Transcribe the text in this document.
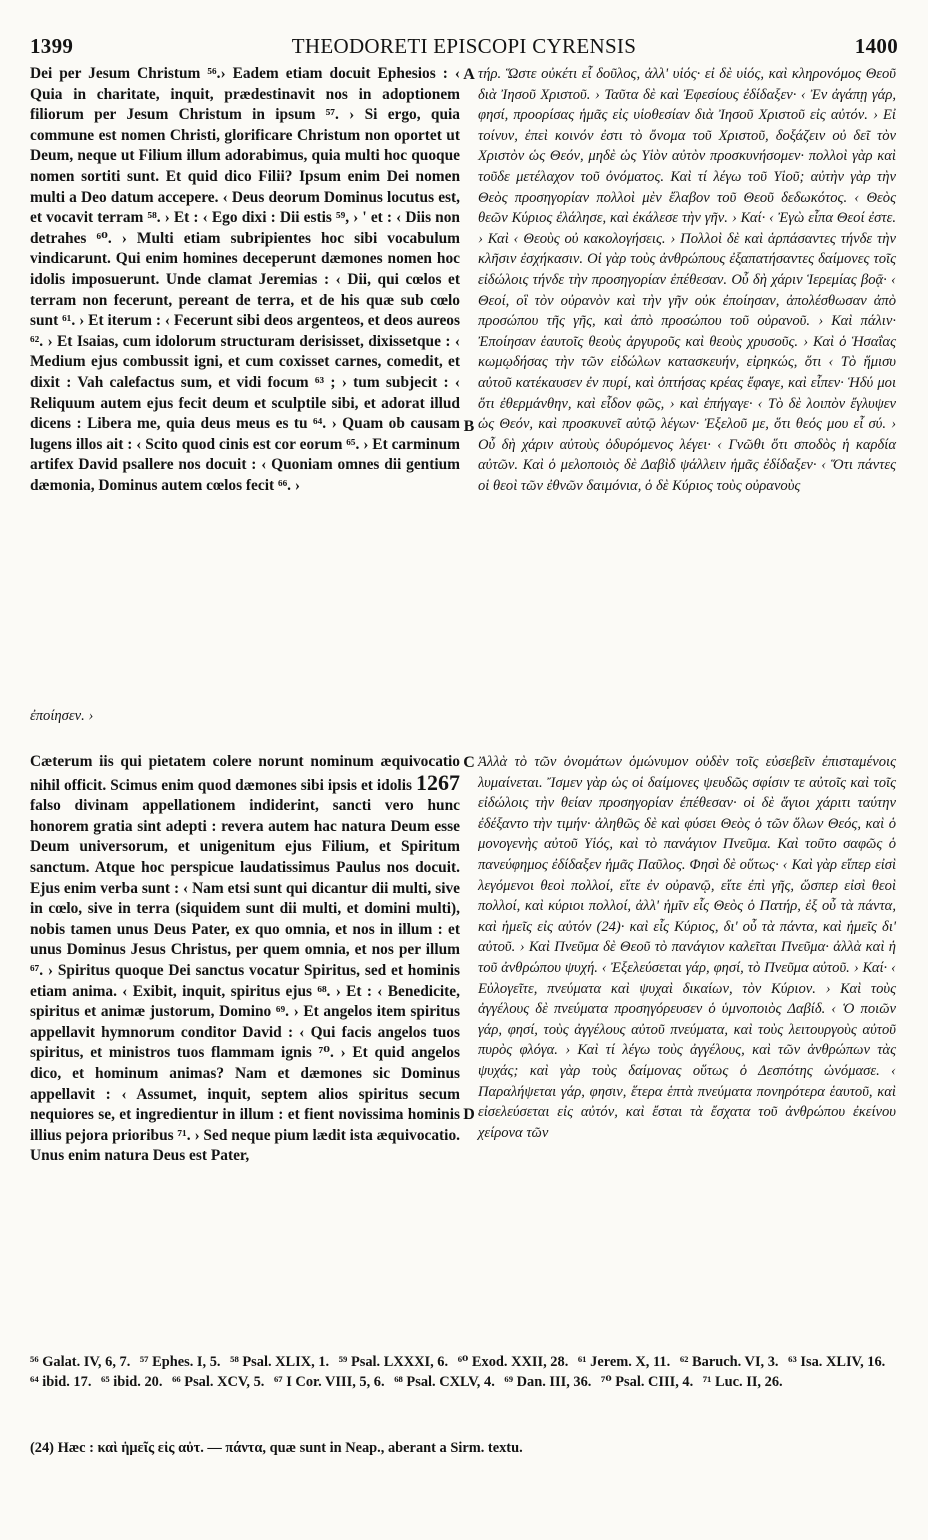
1399	THEODORETI EPISCOPI CYRENSIS	1400

Dei per Jesum Christum ⁵⁶.› Eadem etiam docuit Ephesios : ‹ Quia in charitate, inquit, prædestinavit nos in adoptionem filiorum per Jesum Christum in ipsum ⁵⁷. › Si ergo, quia commune est nomen Christi, glorificare Christum non oportet ut Deum, neque ut Filium illum adorabimus, quia multi hoc quoque nomen sortiti sunt. Et quid dico Filii? Ipsum enim Dei nomen multi a Deo datum accepere. ‹ Deus deorum Dominus locutus est, et vocavit terram ⁵⁸. › Et : ‹ Ego dixi : Dii estis ⁵⁹, › ' et : ‹ Diis non detrahes ⁶⁰. › Multi etiam subripientes hoc sibi vocabulum vindicarunt. Qui enim homines deceperunt dæmones nomen hoc idolis imposuerunt. Unde clamat Jeremias : ‹ Dii, qui cœlos et terram non fecerunt, pereant de terra, et de his quæ sub cœlo sunt ⁶¹. › Et iterum : ‹ Fecerunt sibi deos argenteos, et deos aureos ⁶². › Et Isaias, cum idolorum structuram derisisset, dixissetque : ‹ Medium ejus combussit igni, et cum coxisset carnes, comedit, et dixit : Vah calefactus sum, et vidi focum ⁶³ ; › tum subjecit : ‹ Reliquum autem ejus fecit deum et sculptile sibi, et adorat illud dicens : Libera me, quia deus meus es tu ⁶⁴. › Quam ob causam lugens illos ait : ‹ Scito quod cinis est cor eorum ⁶⁵. › Et carminum artifex David psallere nos docuit : ‹ Quoniam omnes dii gentium dæmonia, Dominus autem cœlos fecit ⁶⁶. ›

τήρ. Ὥστε οὐκέτι εἶ δοῦλος, ἀλλ' υἱός· εἰ δὲ υἱός, καὶ κληρονόμος Θεοῦ διὰ Ἰησοῦ Χριστοῦ. › Ταῦτα δὲ καὶ Ἐφεσίους ἐδίδαξεν· ‹ Ἐν ἀγάπῃ γάρ, φησί, προορίσας ἡμᾶς εἰς υἱοθεσίαν διὰ Ἰησοῦ Χριστοῦ εἰς αὐτόν. › Εἰ τοίνυν, ἐπεὶ κοινόν ἐστι τὸ ὄνομα τοῦ Χριστοῦ, δοξάζειν οὐ δεῖ τὸν Χριστὸν ὡς Θεόν, μηδὲ ὡς Υἱὸν αὐτὸν προσκυνήσομεν· πολλοὶ γὰρ καὶ τοῦδε μετέλαχον τοῦ ὀνόματος. Καὶ τί λέγω τοῦ Υἱοῦ; αὐτὴν γὰρ τὴν Θεὸς προσηγορίαν πολλοὶ μὲν ἔλαβον τοῦ Θεοῦ δεδωκότος. ‹ Θεὸς θεῶν Κύριος ἐλάλησε, καὶ ἐκάλεσε τὴν γῆν. › Καί· ‹ Ἐγὼ εἶπα Θεοί ἐστε. › Καὶ ‹ Θεοὺς οὐ κακολογήσεις. › Πολλοὶ δὲ καὶ ἁρπάσαντες τήνδε τὴν κλῆσιν ἐσχήκασιν. Οἱ γὰρ τοὺς ἀνθρώπους ἐξαπατήσαντες δαίμονες τοῖς εἰδώλοις τήνδε τὴν προσηγορίαν ἐπέθεσαν. Οὗ δὴ χάριν Ἱερεμίας βοᾷ· ‹ Θεοί, οἳ τὸν οὐρανὸν καὶ τὴν γῆν οὐκ ἐποίησαν, ἀπολέσθωσαν ἀπὸ προσώπου τῆς γῆς, καὶ ἀπὸ προσώπου τοῦ οὐρανοῦ. › Καὶ πάλιν· Ἐποίησαν ἑαυτοῖς θεοὺς ἀργυροῦς καὶ θεοὺς χρυσοῦς. › Καὶ ὁ Ἡσαΐας κωμῳδήσας τὴν τῶν εἰδώλων κατασκευήν, εἰρηκώς, ὅτι ‹ Τὸ ἥμισυ αὐτοῦ κατέκαυσεν ἐν πυρί, καὶ ὀπτήσας κρέας ἔφαγε, καὶ εἶπεν· Ἡδύ μοι ὅτι ἐθερμάνθην, καὶ εἶδον φῶς, › καὶ ἐπήγαγε· ‹ Τὸ δὲ λοιπὸν ἔγλυψεν ὡς Θεόν, καὶ προσκυνεῖ αὐτῷ λέγων· Ἐξελοῦ με, ὅτι θεός μου εἶ σύ. › Οὗ δὴ χάριν αὐτοὺς ὀδυρόμενος λέγει· ‹ Γνῶθι ὅτι σποδὸς ἡ καρδία αὐτῶν. Καὶ ὁ μελοποιὸς δὲ Δαβὶδ ψάλλειν ἡμᾶς ἐδίδαξεν· ‹ Ὅτι πάντες οἱ θεοὶ τῶν ἐθνῶν δαιμόνια, ὁ δὲ Κύριος τοὺς οὐρανοὺς

A
B
C
D

ἐποίησεν. ›

Cæterum iis qui pietatem colere norunt nominum æquivocatio nihil officit. Scimus enim quod dæmones sibi ipsis et idolis 1267 falso divinam appellationem indiderint, sancti vero hunc honorem gratia sint adepti : revera autem hac natura Deum esse Deum universorum, et unigenitum ejus Filium, et Spiritum sanctum. Atque hoc perspicue laudatissimus Paulus nos docuit. Ejus enim verba sunt : ‹ Nam etsi sunt qui dicantur dii multi, sive in cœlo, sive in terra (siquidem sunt dii multi, et domini multi), nobis tamen unus Deus Pater, ex quo omnia, et nos in illum : et unus Dominus Jesus Christus, per quem omnia, et nos per illum ⁶⁷. › Spiritus quoque Dei sanctus vocatur Spiritus, sed et hominis etiam anima. ‹ Exibit, inquit, spiritus ejus ⁶⁸. › Et : ‹ Benedicite, spiritus et animæ justorum, Domino ⁶⁹. › Et angelos item spiritus appellavit hymnorum conditor David : ‹ Qui facis angelos tuos spiritus, et ministros tuos flammam ignis ⁷⁰. › Et quid angelos dico, et hominum animas? Nam et dæmones sic Dominus appellavit : ‹ Assumet, inquit, septem alios spiritus secum nequiores se, et ingredientur in illum : et fient novissima hominis illius pejora prioribus ⁷¹. › Sed neque pium lædit ista æquivocatio. Unus enim natura Deus est Pater,

Ἀλλὰ τὸ τῶν ὀνομάτων ὁμώνυμον οὐδὲν τοῖς εὐσεβεῖν ἐπισταμένοις λυμαίνεται. Ἴσμεν γὰρ ὡς οἱ δαίμονες ψευδῶς σφίσιν τε αὐτοῖς καὶ τοῖς εἰδώλοις τὴν θείαν προσηγορίαν ἐπέθεσαν· οἱ δὲ ἅγιοι χάριτι ταύτην ἐδέξαντο τὴν τιμήν· ἀληθῶς δὲ καὶ φύσει Θεὸς ὁ τῶν ὅλων Θεός, καὶ ὁ μονογενὴς αὐτοῦ Υἱός, καὶ τὸ πανάγιον Πνεῦμα. Καὶ τοῦτο σαφῶς ὁ πανεύφημος ἐδίδαξεν ἡμᾶς Παῦλος. Φησὶ δὲ οὕτως· ‹ Καὶ γὰρ εἴπερ εἰσὶ λεγόμενοι θεοὶ πολλοί, εἴτε ἐν οὐρανῷ, εἴτε ἐπὶ γῆς, ὥσπερ εἰσὶ θεοὶ πολλοί, καὶ κύριοι πολλοί, ἀλλ' ἡμῖν εἷς Θεὸς ὁ Πατήρ, ἐξ οὗ τὰ πάντα, καὶ ἡμεῖς εἰς αὐτόν (24)· καὶ εἷς Κύριος, δι' οὗ τὰ πάντα, καὶ ἡμεῖς δι' αὐτοῦ. › Καὶ Πνεῦμα δὲ Θεοῦ τὸ πανάγιον καλεῖται Πνεῦμα· ἀλλὰ καὶ ἡ τοῦ ἀνθρώπου ψυχή. ‹ Ἐξελεύσεται γάρ, φησί, τὸ Πνεῦμα αὐτοῦ. › Καί· ‹ Εὐλογεῖτε, πνεύματα καὶ ψυχαὶ δικαίων, τὸν Κύριον. › Καὶ τοὺς ἀγγέλους δὲ πνεύματα προσηγόρευσεν ὁ ὑμνοποιὸς Δαβίδ. ‹ Ὁ ποιῶν γάρ, φησί, τοὺς ἀγγέλους αὐτοῦ πνεύματα, καὶ τοὺς λειτουργοὺς αὐτοῦ πυρὸς φλόγα. › Καὶ τί λέγω τοὺς ἀγγέλους, καὶ τῶν ἀνθρώπων τὰς ψυχάς; καὶ γὰρ τοὺς δαίμονας οὕτως ὁ Δεσπότης ὠνόμασε. ‹ Παραλήψεται γάρ, φησιν, ἕτερα ἑπτὰ πνεύματα πονηρότερα ἑαυτοῦ, καὶ εἰσελεύσεται εἰς αὐτόν, καὶ ἔσται τὰ ἔσχατα τοῦ ἀνθρώπου ἐκείνου χείρονα τῶν

⁵⁶ Galat. IV, 6, 7. ⁵⁷ Ephes. I, 5. ⁵⁸ Psal. XLIX, 1. ⁵⁹ Psal. LXXXI, 6. ⁶⁰ Exod. XXII, 28. ⁶¹ Jerem. X, 11. ⁶² Baruch. VI, 3. ⁶³ Isa. XLIV, 16. ⁶⁴ ibid. 17. ⁶⁵ ibid. 20. ⁶⁶ Psal. XCV, 5. ⁶⁷ I Cor. VIII, 5, 6. ⁶⁸ Psal. CXLV, 4. ⁶⁹ Dan. III, 36. ⁷⁰ Psal. CIII, 4. ⁷¹ Luc. II, 26.
(24) Hæc : καὶ ἡμεῖς εἰς αὐτ. — πάντα, quæ sunt in Neap., aberant a Sirm. textu.
